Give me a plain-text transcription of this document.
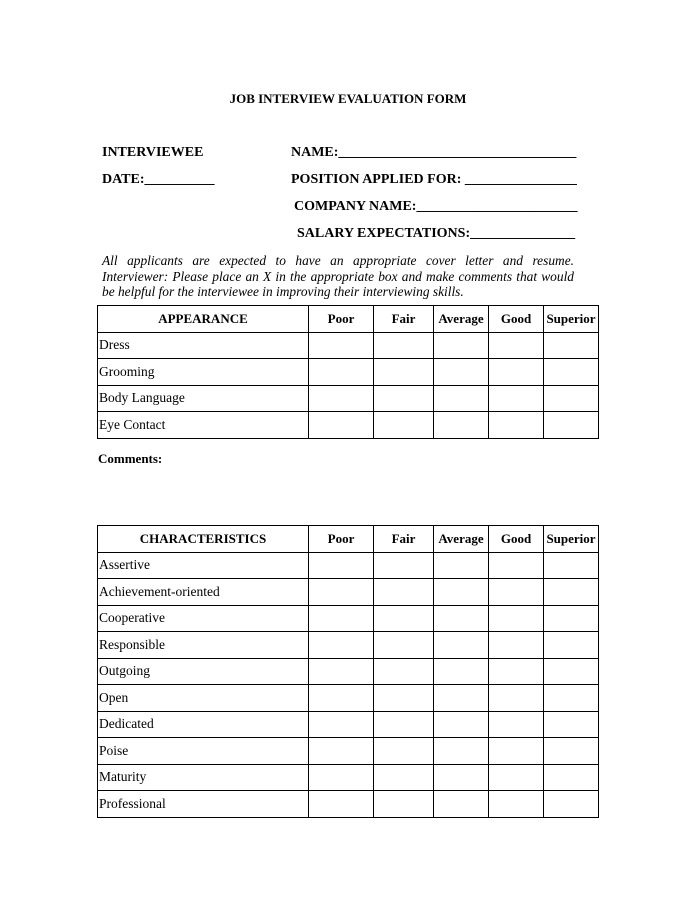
JOB INTERVIEW EVALUATION FORM
INTERVIEWEE	NAME:__________________________________
DATE:__________	POSITION APPLIED FOR: ________________
COMPANY NAME:_______________________
SALARY EXPECTATIONS:_______________
All applicants are expected to have an appropriate cover letter and resume. Interviewer: Please place an X in the appropriate box and make comments that would be helpful for the interviewee in improving their interviewing skills.
APPEARANCE	Poor	Fair	Average	Good	Superior
Dress					
Grooming					
Body Language					
Eye Contact					
Comments:
CHARACTERISTICS	Poor	Fair	Average	Good	Superior
Assertive					
Achievement-oriented					
Cooperative					
Responsible					
Outgoing					
Open					
Dedicated					
Poise					
Maturity					
Professional					
